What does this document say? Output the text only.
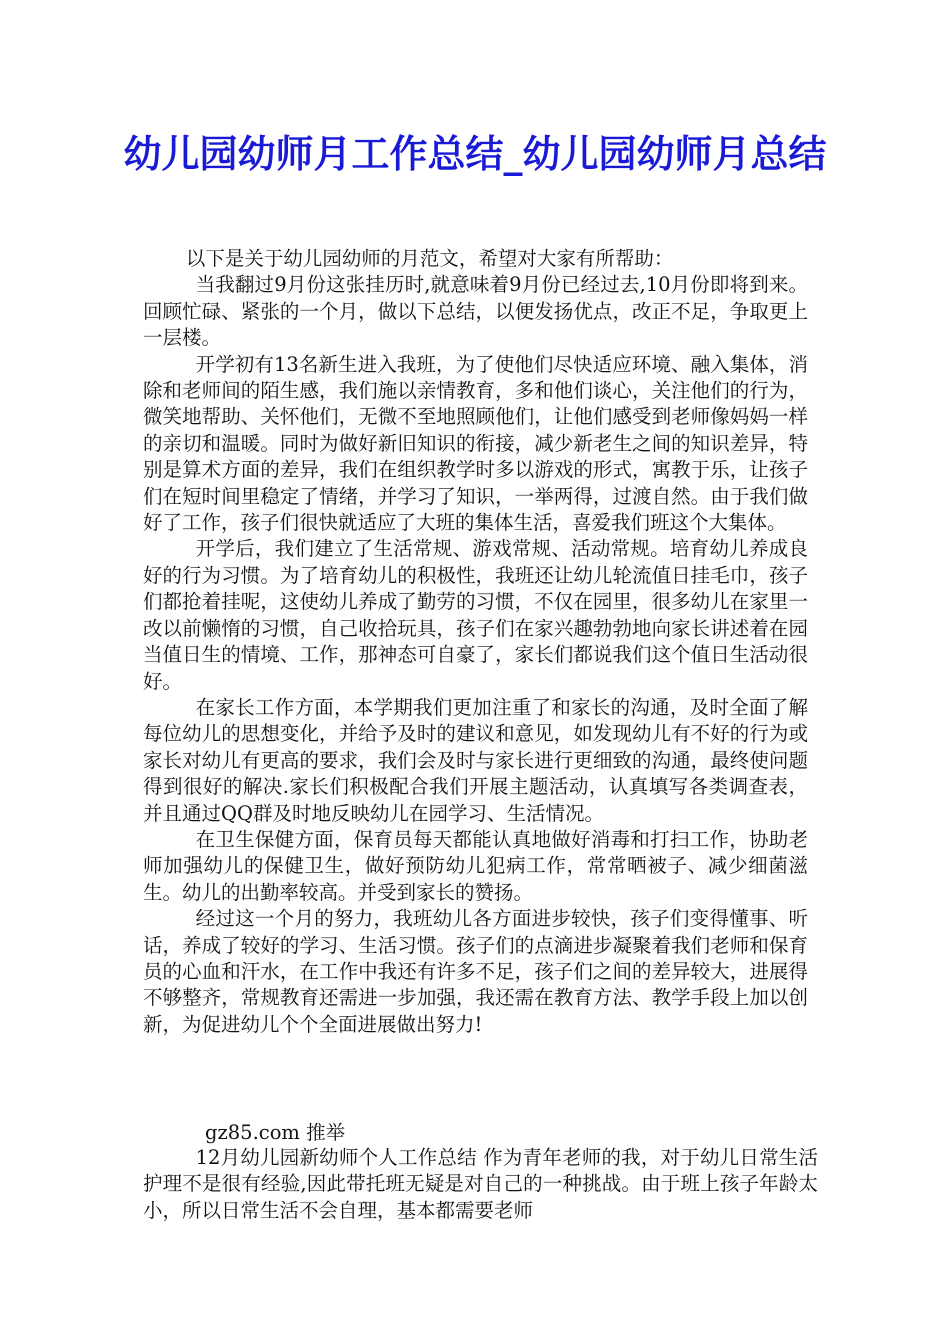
幼儿园幼师月工作总结_幼儿园幼师月总结

以下是关于幼儿园幼师的月范文，希望对大家有所帮助：

当我翻过9月份这张挂历时,就意味着9月份已经过去,10月份即将到来。回顾忙碌、紧张的一个月，做以下总结，以便发扬优点，改正不足，争取更上一层楼。

开学初有13名新生进入我班，为了使他们尽快适应环境、融入集体，消除和老师间的陌生感，我们施以亲情教育，多和他们谈心，关注他们的行为，微笑地帮助、关怀他们，无微不至地照顾他们，让他们感受到老师像妈妈一样的亲切和温暖。同时为做好新旧知识的衔接，减少新老生之间的知识差异，特别是算术方面的差异，我们在组织教学时多以游戏的形式，寓教于乐，让孩子们在短时间里稳定了情绪，并学习了知识，一举两得，过渡自然。由于我们做好了工作，孩子们很快就适应了大班的集体生活，喜爱我们班这个大集体。

开学后，我们建立了生活常规、游戏常规、活动常规。培育幼儿养成良好的行为习惯。为了培育幼儿的积极性，我班还让幼儿轮流值日挂毛巾，孩子们都抢着挂呢，这使幼儿养成了勤劳的习惯，不仅在园里，很多幼儿在家里一改以前懒惰的习惯，自己收拾玩具，孩子们在家兴趣勃勃地向家长讲述着在园当值日生的情境、工作，那神态可自豪了，家长们都说我们这个值日生活动很好。

在家长工作方面，本学期我们更加注重了和家长的沟通，及时全面了解每位幼儿的思想变化，并给予及时的建议和意见，如发现幼儿有不好的行为或家长对幼儿有更高的要求，我们会及时与家长进行更细致的沟通，最终使问题得到很好的解决.家长们积极配合我们开展主题活动，认真填写各类调查表，并且通过QQ群及时地反映幼儿在园学习、生活情况。

在卫生保健方面，保育员每天都能认真地做好消毒和打扫工作，协助老师加强幼儿的保健卫生，做好预防幼儿犯病工作，常常晒被子、减少细菌滋生。幼儿的出勤率较高。并受到家长的赞扬。

经过这一个月的努力，我班幼儿各方面进步较快，孩子们变得懂事、听话，养成了较好的学习、生活习惯。孩子们的点滴进步凝聚着我们老师和保育员的心血和汗水，在工作中我还有许多不足，孩子们之间的差异较大，进展得不够整齐，常规教育还需进一步加强，我还需在教育方法、教学手段上加以创新，为促进幼儿个个全面进展做出努力!

gz85.com 推举
12月幼儿园新幼师个人工作总结 作为青年老师的我，对于幼儿日常生活护理不是很有经验,因此带托班无疑是对自己的一种挑战。由于班上孩子年龄太小，所以日常生活不会自理，基本都需要老师
